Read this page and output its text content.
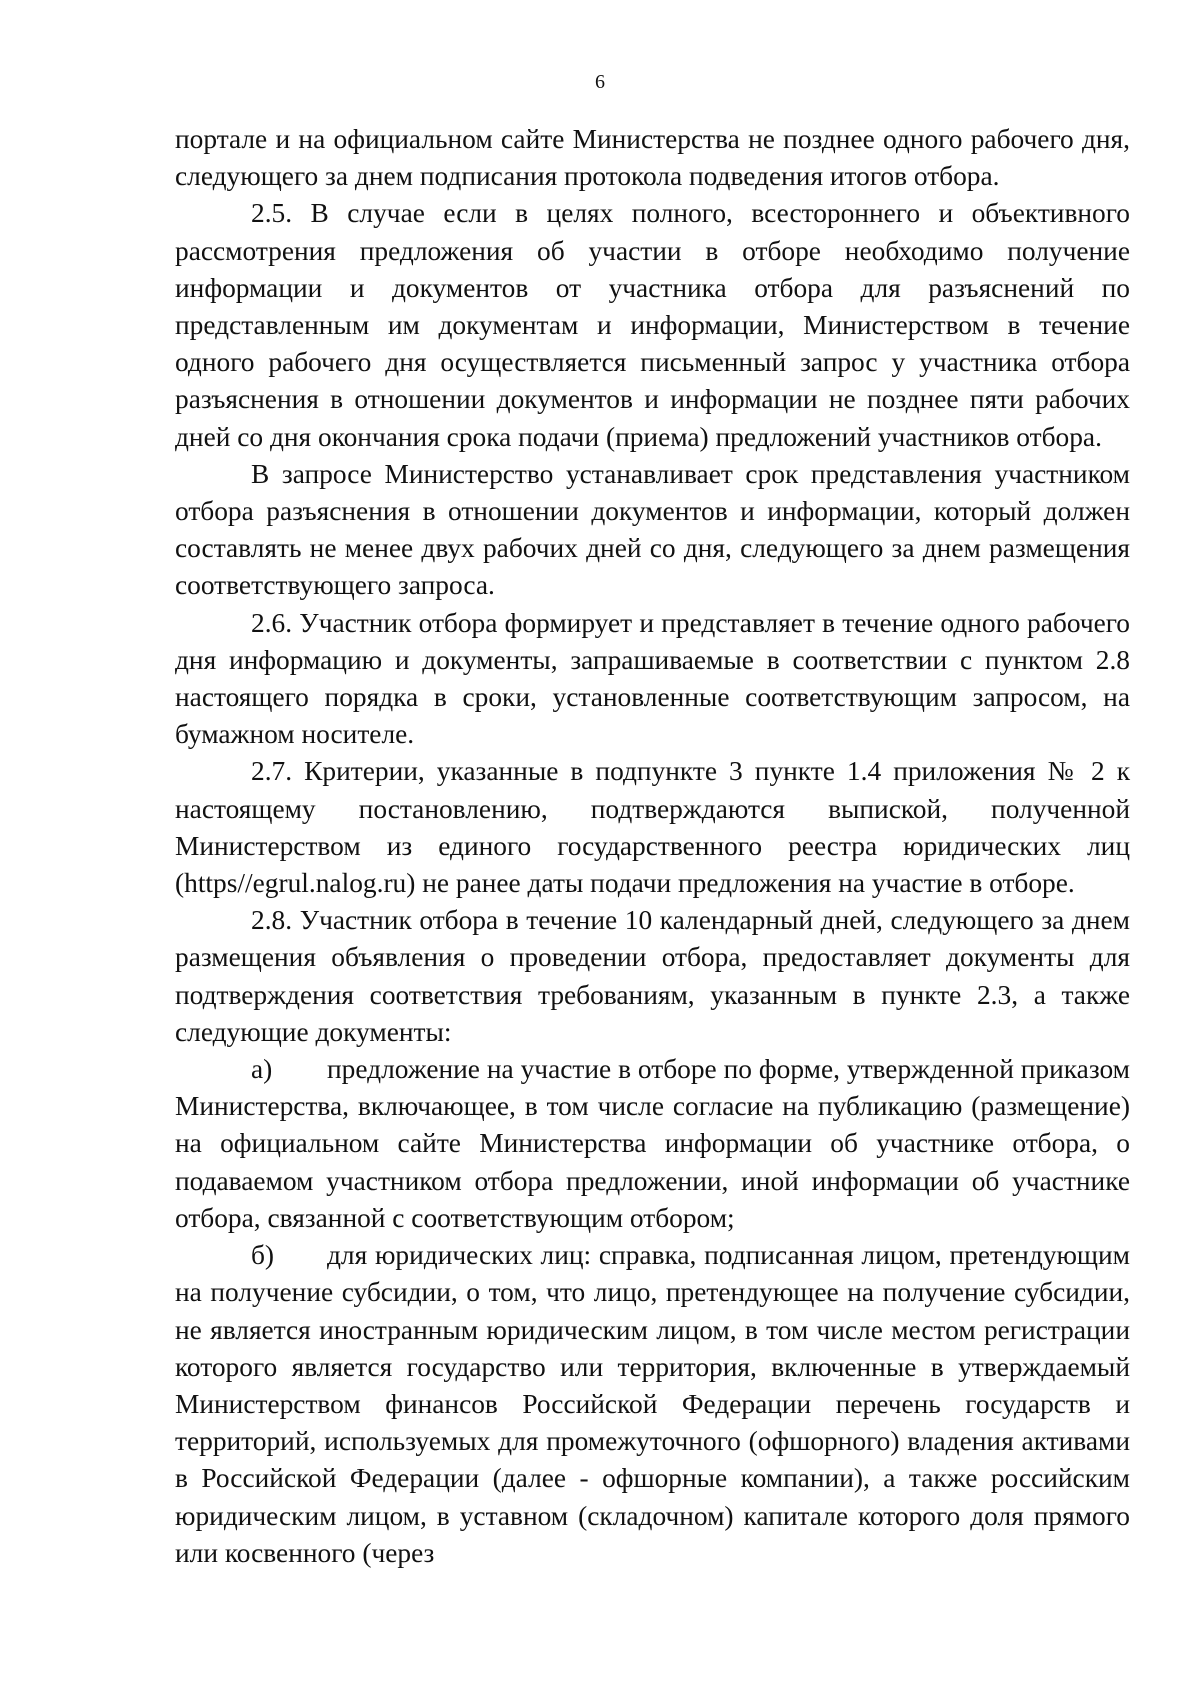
6

портале и на официальном сайте Министерства не позднее одного рабочего дня, следующего за днем подписания протокола подведения итогов отбора.

2.5. В случае если в целях полного, всестороннего и объективного рассмотрения предложения об участии в отборе необходимо получение информации и документов от участника отбора для разъяснений по представленным им документам и информации, Министерством в течение одного рабочего дня осуществляется письменный запрос у участника отбора разъяснения в отношении документов и информации не позднее пяти рабочих дней со дня окончания срока подачи (приема) предложений участников отбора.

В запросе Министерство устанавливает срок представления участником отбора разъяснения в отношении документов и информации, который должен составлять не менее двух рабочих дней со дня, следующего за днем размещения соответствующего запроса.

2.6. Участник отбора формирует и представляет в течение одного рабочего дня информацию и документы, запрашиваемые в соответствии с пунктом 2.8 настоящего порядка в сроки, установленные соответствующим запросом, на бумажном носителе.

2.7. Критерии, указанные в подпункте 3 пункте 1.4 приложения № 2 к настоящему постановлению, подтверждаются выпиской, полученной Министерством из единого государственного реестра юридических лиц (https//egrul.nalog.ru) не ранее даты подачи предложения на участие в отборе.

2.8. Участник отбора в течение 10 календарный дней, следующего за днем размещения объявления о проведении отбора, предоставляет документы для подтверждения соответствия требованиям, указанным в пункте 2.3, а также следующие документы:

а) предложение на участие в отборе по форме, утвержденной приказом Министерства, включающее, в том числе согласие на публикацию (размещение) на официальном сайте Министерства информации об участнике отбора, о подаваемом участником отбора предложении, иной информации об участнике отбора, связанной с соответствующим отбором;

б) для юридических лиц: справка, подписанная лицом, претендующим на получение субсидии, о том, что лицо, претендующее на получение субсидии, не является иностранным юридическим лицом, в том числе местом регистрации которого является государство или территория, включенные в утверждаемый Министерством финансов Российской Федерации перечень государств и территорий, используемых для промежуточного (офшорного) владения активами в Российской Федерации (далее - офшорные компании), а также российским юридическим лицом, в уставном (складочном) капитале которого доля прямого или косвенного (через
